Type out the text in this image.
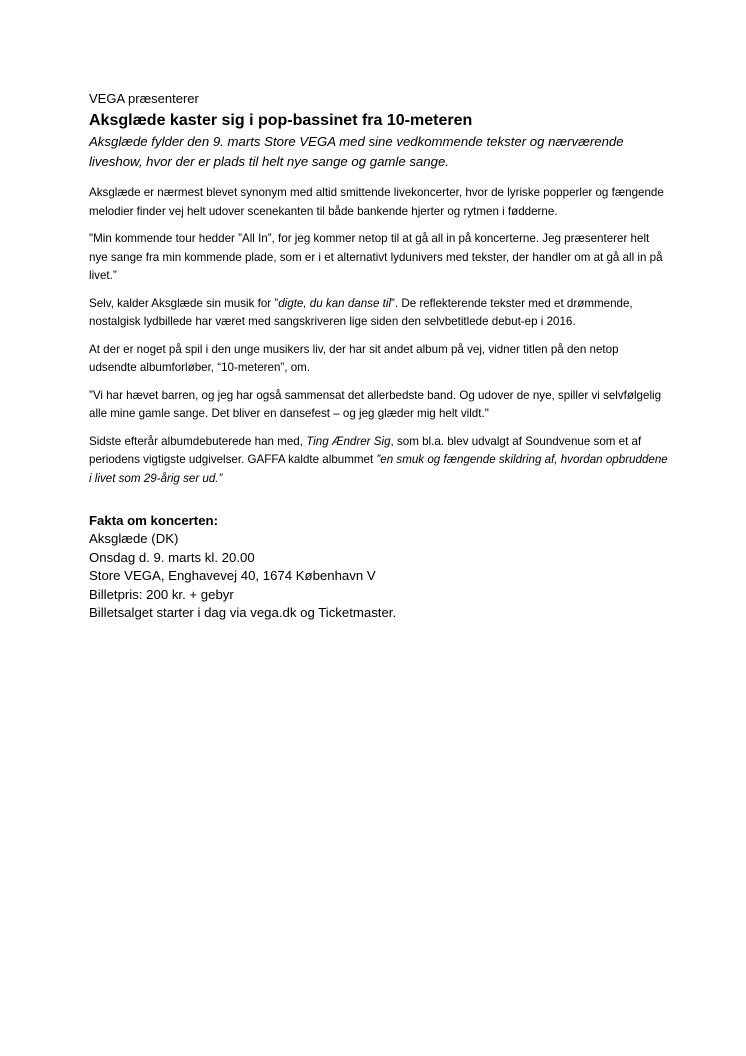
VEGA præsenterer

Aksglæde kaster sig i pop-bassinet fra 10-meteren

Aksglæde fylder den 9. marts Store VEGA med sine vedkommende tekster og nærværende liveshow, hvor der er plads til helt nye sange og gamle sange.

Aksglæde er nærmest blevet synonym med altid smittende livekoncerter, hvor de lyriske popperler og fængende melodier finder vej helt udover scenekanten til både bankende hjerter og rytmen i fødderne.

"Min kommende tour hedder ”All In”, for jeg kommer netop til at gå all in på koncerterne. Jeg præsenterer helt nye sange fra min kommende plade, som er i et alternativt lydunivers med tekster, der handler om at gå all in på livet.”

Selv, kalder Aksglæde sin musik for ”digte, du kan danse til”. De reflekterende tekster med et drømmende, nostalgisk lydbillede har været med sangskriveren lige siden den selvbetitlede debut-ep i 2016.

At der er noget på spil i den unge musikers liv, der har sit andet album på vej, vidner titlen på den netop udsendte albumforløber, “10-meteren”, om.

”Vi har hævet barren, og jeg har også sammensat det allerbedste band. Og udover de nye, spiller vi selvfølgelig alle mine gamle sange. Det bliver en dansefest – og jeg glæder mig helt vildt."

Sidste efterår albumdebuterede han med, Ting Ændrer Sig, som bl.a. blev udvalgt af Soundvenue som et af periodens vigtigste udgivelser. GAFFA kaldte albummet ”en smuk og fængende skildring af, hvordan opbruddene i livet som 29-årig ser ud.”

Fakta om koncerten:

Aksglæde (DK)

Onsdag d. 9. marts kl. 20.00

Store VEGA, Enghavevej 40, 1674 København V

Billetpris: 200 kr. + gebyr

Billetsalget starter i dag via vega.dk og Ticketmaster.
